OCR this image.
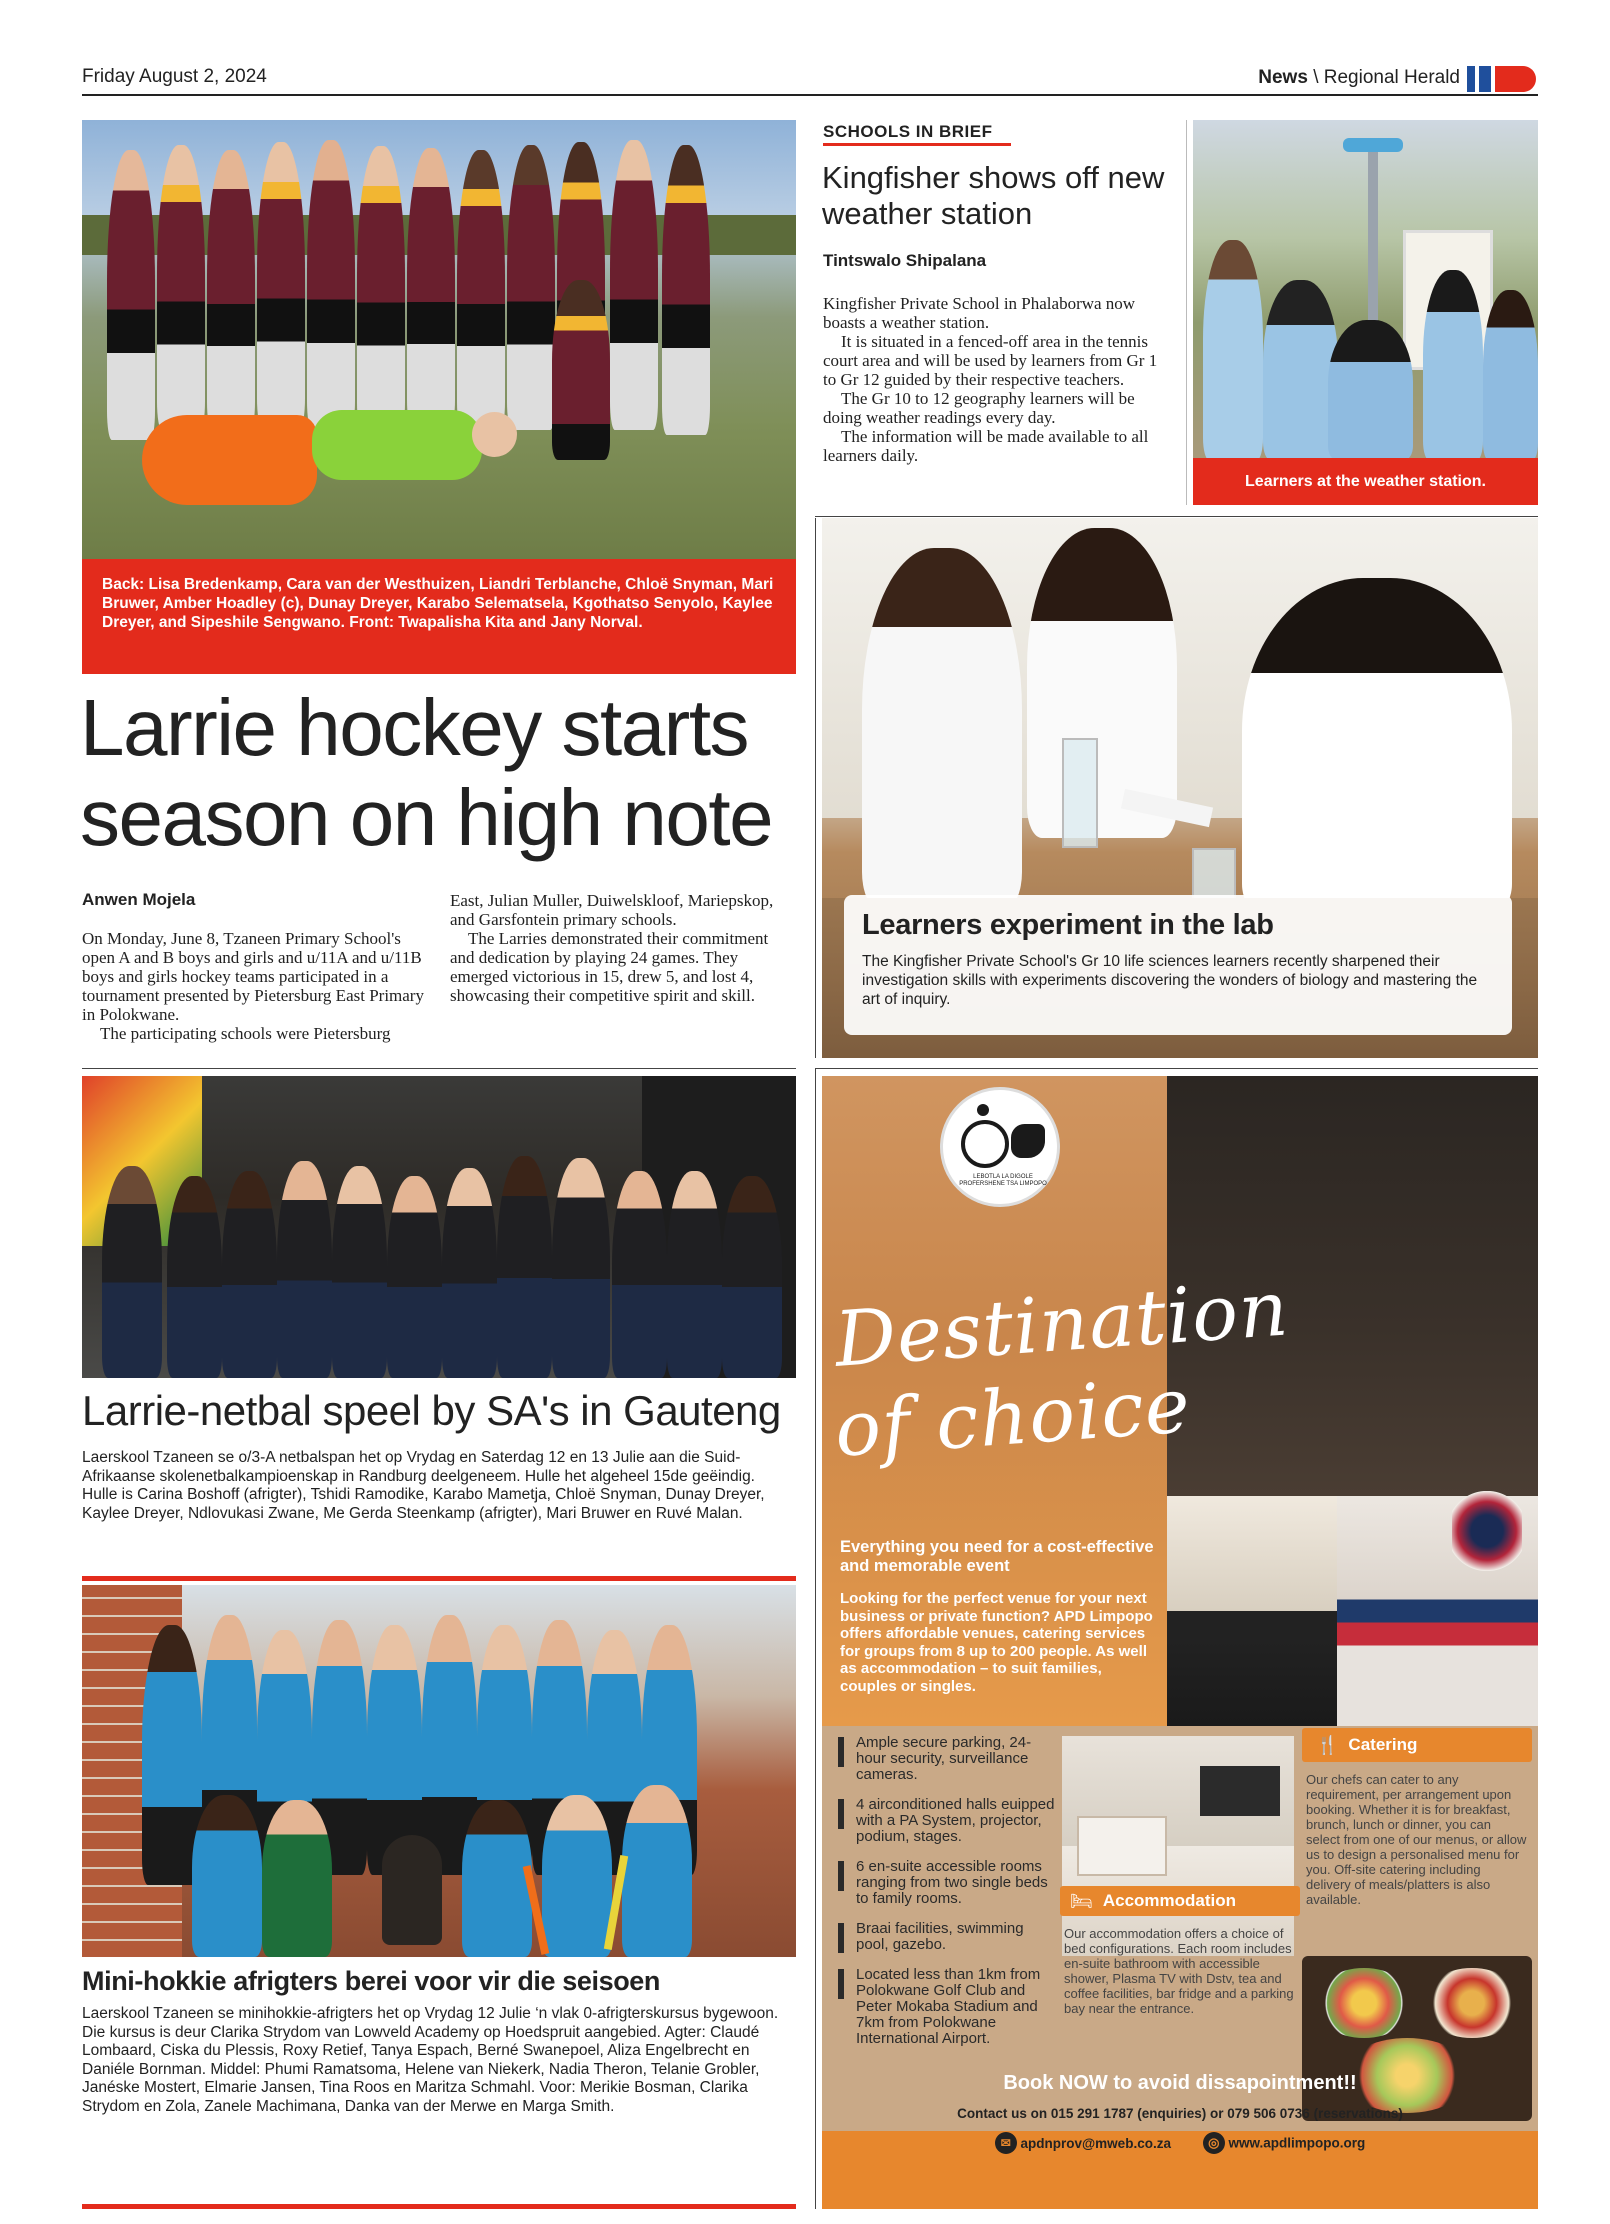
Friday August 2, 2024	News \ Regional Herald
Back: Lisa Bredenkamp, Cara van der Westhuizen, Liandri Terblanche, Chloë Snyman, Mari Bruwer, Amber Hoadley (c), Dunay Dreyer, Karabo Selematsela, Kgothatso Senyolo, Kaylee Dreyer, and Sipeshile Sengwano. Front: Twapalisha Kita and Jany Norval.
Larrie hockey starts
season on high note
Anwen Mojela

On Monday, June 8, Tzaneen Primary School's open A and B boys and girls and u/11A and u/11B boys and girls hockey teams participated in a tournament presented by Pietersburg East Primary in Polokwane.

The participating schools were Pietersburg

East, Julian Muller, Duiwelskloof, Mariepskop, and Garsfontein primary schools.

The Larries demonstrated their commitment and dedication by playing 24 games. They emerged victorious in 15, drew 5, and lost 4, showcasing their competitive spirit and skill.

SCHOOLS IN BRIEF
Kingfisher shows off new
weather station
Tintswalo Shipalana

Kingfisher Private School in Phalaborwa now boasts a weather station.

It is situated in a fenced-off area in the tennis court area and will be used by learners from Gr 1 to Gr 12 guided by their respective teachers.

The Gr 10 to 12 geography learners will be doing weather readings every day.

The information will be made available to all learners daily.

Learners at the weather station.
Learners experiment in the lab
The Kingfisher Private School's Gr 10 life sciences learners recently sharpened their investigation skills with experiments discovering the wonders of biology and mastering the art of inquiry.
Larrie-netbal speel by SA's in Gauteng
Laerskool Tzaneen se o/3-A netbalspan het op Vrydag en Saterdag 12 en 13 Julie aan die Suid-Afrikaanse skolenetbalkampioenskap in Randburg deelgeneem. Hulle het algeheel 15de geëindig. Hulle is Carina Boshoff (afrigter), Tshidi Ramodike, Karabo Mametja, Chloë Snyman, Dunay Dreyer, Kaylee Dreyer, Ndlovukasi Zwane, Me Gerda Steenkamp (afrigter), Mari Bruwer en Ruvé Malan.
Mini-hokkie afrigters berei voor vir die seisoen
Laerskool Tzaneen se minihokkie-afrigters het op Vrydag 12 Julie ‘n vlak 0-afrigterskursus bygewoon. Die kursus is deur Clarika Strydom van Lowveld Academy op Hoedspruit aangebied. Agter: Claudé Lombaard, Ciska du Plessis, Roxy Retief, Tanya Espach, Berné Swanepoel, Aliza Engelbrecht en Daniéle Bornman. Middel: Phumi Ramatsoma, Helene van Niekerk, Nadia Theron, Telanie Grobler, Janéske Mostert, Elmarie Jansen, Tina Roos en Maritza Schmahl. Voor: Merikie Bosman, Clarika Strydom en Zola, Zanele Machimana, Danka van der Merwe en Marga Smith.
LEBOTLA LA DIGOLE PROFERSHENE TSA LIMPOPO
Destination
of choice
Everything you need for a cost-effective and memorable event
Looking for the perfect venue for your next business or private function? APD Limpopo offers affordable venues, catering services for groups from 8 up to 200 people. As well as accommodation – to suit families, couples or singles.
Ample secure parking, 24-hour security, surveillance cameras.
4 airconditioned halls euipped with a PA System, projector, podium, stages.
6 en-suite accessible rooms ranging from two single beds to family rooms.
Braai facilities, swimming pool, gazebo.
Located less than 1km from Polokwane Golf Club and Peter Mokaba Stadium and 7km from Polokwane International Airport.
🛏 Accommodation
Our accommodation offers a choice of bed configurations. Each room includes en-suite bathroom with accessible shower, Plasma TV with Dstv, tea and coffee facilities, bar fridge and a parking bay near the entrance.
🍴 Catering
Our chefs can cater to any requirement, per arrangement upon booking. Whether it is for breakfast, brunch, lunch or dinner, you can select from one of our menus, or allow us to design a personalised menu for you. Off-site catering including delivery of meals/platters is also available.
Book NOW to avoid dissapointment!!
Contact us on 015 291 1787 (enquiries) or 079 506 0736 (reservations)
✉ apdnprov@mweb.co.za	◎ www.apdlimpopo.org
